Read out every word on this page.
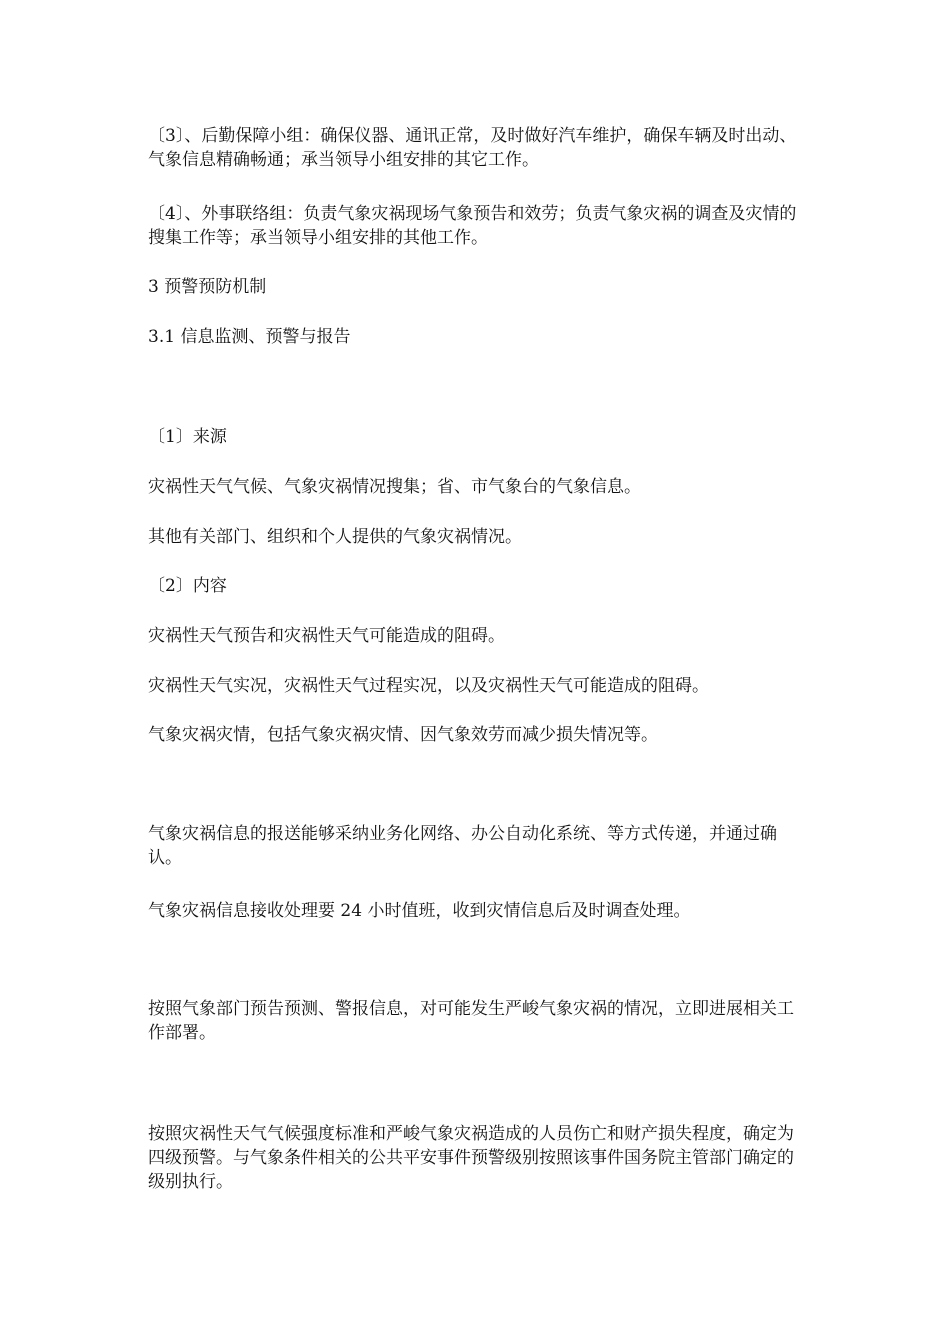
〔3〕、后勤保障小组：确保仪器、通讯正常，及时做好汽车维护，确保车辆及时出动、气象信息精确畅通；承当领导小组安排的其它工作。

〔4〕、外事联络组：负责气象灾祸现场气象预告和效劳；负责气象灾祸的调查及灾情的搜集工作等；承当领导小组安排的其他工作。

3 预警预防机制

3.1 信息监测、预警与报告

〔1〕来源

灾祸性天气气候、气象灾祸情况搜集；省、市气象台的气象信息。

其他有关部门、组织和个人提供的气象灾祸情况。

〔2〕内容

灾祸性天气预告和灾祸性天气可能造成的阻碍。

灾祸性天气实况，灾祸性天气过程实况，以及灾祸性天气可能造成的阻碍。

气象灾祸灾情，包括气象灾祸灾情、因气象效劳而减少损失情况等。

气象灾祸信息的报送能够采纳业务化网络、办公自动化系统、等方式传递，并通过确认。

气象灾祸信息接收处理要 24 小时值班，收到灾情信息后及时调查处理。

按照气象部门预告预测、警报信息，对可能发生严峻气象灾祸的情况，立即进展相关工作部署。

按照灾祸性天气气候强度标准和严峻气象灾祸造成的人员伤亡和财产损失程度，确定为四级预警。与气象条件相关的公共平安事件预警级别按照该事件国务院主管部门确定的级别执行。
